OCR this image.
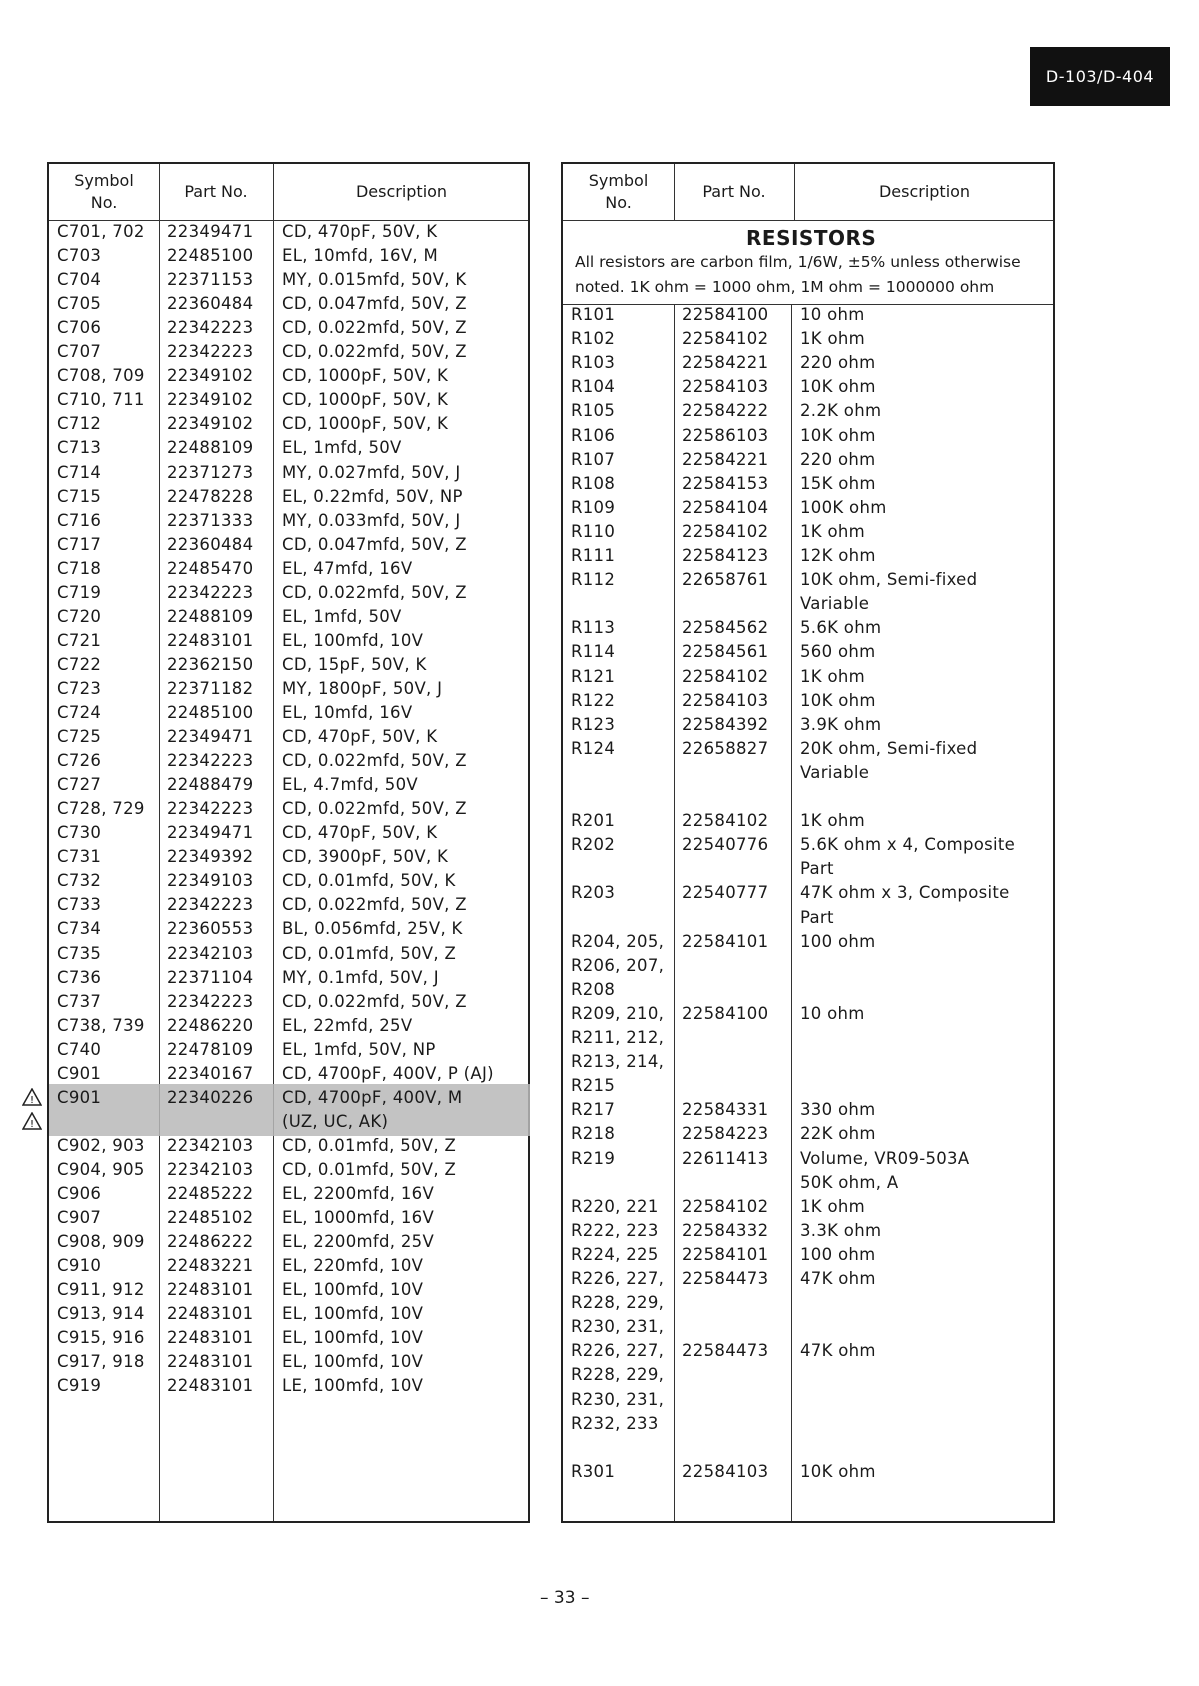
D-103/D-404
Symbol
No.
Part No.	Description
C701, 702 22349471 CD, 470pF, 50V, K
C703	22485100 EL, 10mfd, 16V, M
C704	22371153 MY, 0.015mfd, 50V, K
C705	22360484 CD, 0.047mfd, 50V, Z
C706	22342223 CD, 0.022mfd, 50V, Z
C707	22342223 CD, 0.022mfd, 50V, Z
C708, 709 22349102 CD, 1000pF, 50V, K
C710, 711 22349102 CD, 1000pF, 50V, K
C712	22349102 CD, 1000pF, 50V, K
C713	22488109 EL, 1mfd, 50V
C714	22371273 MY, 0.027mfd, 50V, J
C715	22478228 EL, 0.22mfd, 50V, NP
C716	22371333 MY, 0.033mfd, 50V, J
C717	22360484 CD, 0.047mfd, 50V, Z
C718	22485470 EL, 47mfd, 16V
C719	22342223 CD, 0.022mfd, 50V, Z
C720	22488109 EL, 1mfd, 50V
C721	22483101 EL, 100mfd, 10V
C722	22362150 CD, 15pF, 50V, K
C723	22371182 MY, 1800pF, 50V, J
C724	22485100 EL, 10mfd, 16V
C725	22349471 CD, 470pF, 50V, K
C726	22342223 CD, 0.022mfd, 50V, Z
C727	22488479 EL, 4.7mfd, 50V
C728, 729 22342223 CD, 0.022mfd, 50V, Z
C730	22349471 CD, 470pF, 50V, K
C731	22349392 CD, 3900pF, 50V, K
C732	22349103 CD, 0.01mfd, 50V, K
C733	22342223 CD, 0.022mfd, 50V, Z
C734	22360553 BL, 0.056mfd, 25V, K
C735	22342103 CD, 0.01mfd, 50V, Z
C736	22371104 MY, 0.1mfd, 50V, J
C737	22342223 CD, 0.022mfd, 50V, Z
C738, 739 22486220 EL, 22mfd, 25V
C740	22478109 EL, 1mfd, 50V, NP
C901	22340167 CD, 4700pF, 400V, P (AJ)
C901	22340226 CD, 4700pF, 400V, M
(UZ, UC, AK)
C902, 903 22342103 CD, 0.01mfd, 50V, Z
C904, 905 22342103 CD, 0.01mfd, 50V, Z
C906	22485222 EL, 2200mfd, 16V
C907	22485102 EL, 1000mfd, 16V
C908, 909 22486222 EL, 2200mfd, 25V
C910	22483221 EL, 220mfd, 10V
C911, 912 22483101 EL, 100mfd, 10V
C913, 914 22483101 EL, 100mfd, 10V
C915, 916 22483101 EL, 100mfd, 10V
C917, 918 22483101 EL, 100mfd, 10V
C919	22483101 LE, 100mfd, 10V
!
!
Symbol
No.
Part No.	Description
RESISTORS
All resistors are carbon film, 1/6W, ±5% unless otherwise
noted. 1K ohm = 1000 ohm, 1M ohm = 1000000 ohm
R101	22584100 10 ohm
R102	22584102 1K ohm
R103	22584221 220 ohm
R104	22584103 10K ohm
R105	22584222 2.2K ohm
R106	22586103 10K ohm
R107	22584221 220 ohm
R108	22584153 15K ohm
R109	22584104 100K ohm
R110	22584102 1K ohm
R111	22584123 12K ohm
R112	22658761 10K ohm, Semi-fixed
Variable
R113	22584562 5.6K ohm
R114	22584561 560 ohm
R121	22584102 1K ohm
R122	22584103 10K ohm
R123	22584392 3.9K ohm
R124	22658827 20K ohm, Semi-fixed
Variable
R201	22584102 1K ohm
R202	22540776 5.6K ohm x 4, Composite
Part
R203	22540777 47K ohm x 3, Composite
Part
R204, 205, 22584101 100 ohm
R206, 207,
R208
R209, 210, 22584100 10 ohm
R211, 212,
R213, 214,
R215
R217	22584331 330 ohm
R218	22584223 22K ohm
R219	22611413 Volume, VR09-503A
50K ohm, A
R220, 221 22584102 1K ohm
R222, 223 22584332 3.3K ohm
R224, 225 22584101 100 ohm
R226, 227, 22584473 47K ohm
R228, 229,
R230, 231,
R226, 227, 22584473 47K ohm
R228, 229,
R230, 231,
R232, 233
R301	22584103 10K ohm
– 33 –
